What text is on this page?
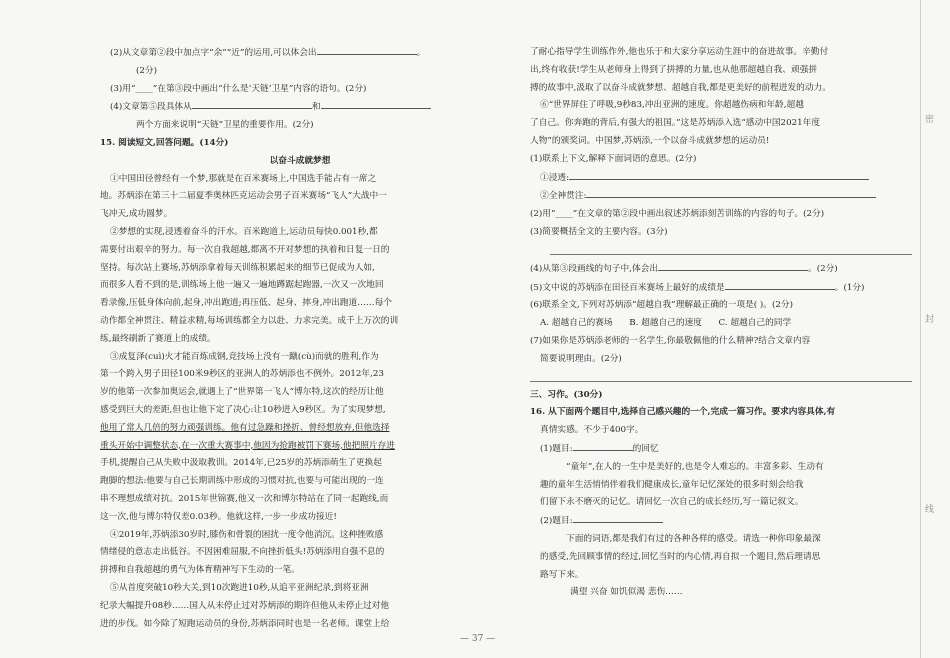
(2)从文章第②段中加点字“余”“近”的运用,可以体会出	。
(2分)
(3)用“____”在第③段中画出“什么是‘天链’卫星”内容的语句。(2分)
(4)文章第⑤段具体从	和
两个方面来说明“天链”卫星的重要作用。(2分)
15. 阅读短文,回答问题。(14分)
以奋斗成就梦想
①中国田径曾经有一个梦,那就是在百米赛场上,中国选手能占有一席之
地。苏炳添在第三十二届夏季奥林匹克运动会男子百米赛场“飞人”大战中一
飞冲天,成功圆梦。
②梦想的实现,浸透着奋斗的汗水。百米跑道上,运动员每快0.001秒,都
需要付出艰辛的努力。每一次自我超越,都离不开对梦想的执着和日复一日的
坚持。每次站上赛场,苏炳添拿着每天训练积累起来的细节已促成为人如,
而很多人看不到的是,训练场上他一遍又一遍地蹲踞起跑器,一次又一次地回
看录像,压低身体向前,起身,冲出跑道;再压低、起身、摔身,冲出跑道……每个
动作都全神贯注、精益求精,每场训练都全力以赴、力求完美。成千上万次的训
练,最终刷新了赛道上的成绩。
③成复泽(cuì)火才能百炼成钢,竞技场上没有一蹴(cù)而就的胜利,作为
第一个跨入男子田径100米9秒区的亚洲人的苏炳添也不例外。2012年,23
岁的他第一次参加奥运会,就遇上了“世界第一飞人”博尔特,这次的经历让他
感受到巨大的差距,但也让他下定了决心:让10秒进入9秒区。为了实现梦想,
他用了常人几倍的努力顽强训练。他有过急躁和挫折、曾经想放弃,但他选择
重头开始中调整状态,在一次重大赛事中,他因为抢跑被罚下赛场,他把照片存进
手机,提醒自己从失败中汲取教训。2014年,已25岁的苏炳添萌生了更换起
跑脚的想法:他要与自己长期训练中形成的习惯对抗,也要与可能出现的一连
串不理想成绩对抗。2015年世锦赛,他又一次和博尔特站在了同一起跑线,而
这一次,他与博尔特仅差0.03秒。他就这样,一步一步成功接近!
④2019年,苏炳添30岁时,膝伤和骨裂的困扰一度令他消沉。这种挫败感
情绪侵的意志走出低谷。不因困难屈服,不向挫折低头!苏炳添用自强不息的
拼搏和自我超越的勇气为体育精神写下生动的一笔。
⑤从首度突破10秒大关,到10次跑进10秒,从追平亚洲纪录,到将亚洲
纪录大幅提升08秒……国人从未停止过对苏炳添的期许但他从未停止过对他
进的步伐。如今除了短跑运动员的身份,苏炳添同时也是一名老师。课堂上给
了耐心指导学生训练作外,他也乐于和大家分享运动生涯中的奋进故事。辛勤付
出,终有收获!学生从老师身上得到了拼搏的力量,也从他那超越自我、顽强拼
搏的故事中,汲取了以奋斗成就梦想、超越自我,都是更美好的前程进发的动力。
⑥“世界屏住了呼吸,9秒83,冲出亚洲的速度。你超越伤病和年龄,超越
了自己。你奔跑的背后,有强大的祖国。”这是苏炳添入选“感动中国2021年度
人物”的颁奖词。中国梦,苏炳添,一个以奋斗成就梦想的运动员!
(1)联系上下文,解释下面词语的意思。(2分)
①浸透:
②全神贯注:
(2)用“____”在文章的第②段中画出叙述苏炳添刻苦训练的内容的句子。(2分)
(3)简要概括全文的主要内容。(3分)
(4)从第③段画线的句子中,体会出	。(2分)
(5)文中说的苏炳添在田径百米赛场上最好的成绩是	。(1分)
(6)联系全文,下列对苏炳添“超越自我”理解最正确的一项是( )。(2分)
A. 超越自己的赛场 B. 超越自己的速度 C. 超越自己的同学
(7)如果你是苏炳添老师的一名学生,你最敬佩他的什么精神?结合文章内容
简要说明理由。(2分)
三、习作。(30分)
16. 从下面两个题目中,选择自己感兴趣的一个,完成一篇习作。要求内容具体,有
真情实感。不少于400字。
(1)题目:	的回忆
“童年”,在人的一生中是美好的,也是令人难忘的。丰富多彩、生动有
趣的童年生活悄悄伴着我们健康成长,童年记忆深处的很多时刻会给我
们留下永不磨灭的记忆。请回忆一次自己的成长经历,写一篇记叙文。
(2)题目:
下面的词语,都是我们有过的各种各样的感受。请选一种你印象最深
的感受,先回顾事情的经过,回忆当时的内心情,再自拟一个题目,然后理请思
路写下来。
满望 兴奋 如饥似渴 悲伤……
— 37 —
密
封
线
